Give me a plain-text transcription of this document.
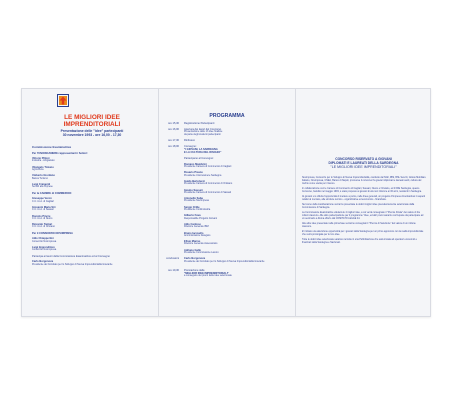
LE MIGLIORI IDEE
IMPRENDITORIALI
Presentazione delle "idee" partecipanti
30 novembre 1993 - ore 16,00 - 17,30
Commissione Esaminatrice
Per l'UNIONCAMERE rappresentanti i Settori:
Vittorio Pilloni
Industria - Artigianato
Vitangelo Tizzano
Agricoltura
Umberto Giordano
Banca Turismo
Luigi Craigenti
Servizi alle imprese
Per la CAMERE di COMMERCIO:
Giuseppe Veron
C.C.I.A.A. di Cagliari
Giovanni Maria Siri
C.C.I.A.A. di Sassari
Romolo Pinzru
C.C.I.A.A. di Nuoro
Riccardo Tantari
C.C.I.A.A. di Oristano
Per il CONSORZIO NOVIMPRESA
Aldo Chiappertini
Consorzio Novimpresa
Luigi Imprenditore
Consorzio Novimpresa
Partecipa ai lavori della Commissione Esaminatrice ed al Convegno
Carlo Borgonova
Presidente del Comitato per lo Sviluppo di Nuova Imprenditorialità Giovanile
PROGRAMMA
ore 15,30 Registrazione Partecipanti
ore 16,00 Apertura dei lavori del Concorso.
Presentazione delle 13 idee finaliste
da parte degli studenti partecipanti
ore 17,30 Rinfresco
ore 18,00 Convegno:
"I GIOVANI, LA SARDEGNA
E LA CULTURA DEL RISCHIO"
Partecipano al Convegno:
Romano Mambrini
Presidente Camera di Commercio di Cagliari
Rosario Pisano
Presidente Unioncamere Sardegna
Guido Bertolucci
Presidente Camera di Commercio di Oristano
Gavino Sassari
Presidente Camera di Commercio di Sassari
Antonello Saba
Presidente Novimpresa
Sergio Ortile
Presidente Confindustria
Gilberto Fava
Responsabile Progetto Giovani
Aldo Cardoso
Direttore Generale IBM
Bruno Iacovello
Amministratore Delegato
Efisio Marras
Direttore Generale Assessorato
Adriano Gallo
Presidente Commissione Lavoro
conclusioni Carlo Borgonova
Presidente del Comitato per lo Sviluppo di Nuova Imprenditorialità Giovanile
ore 19,30 Premiazione delle
"MIGLIORI IDEE IMPRENDITORIALI"
a conseguire dei premi delle idee selezionate
CONCORSO RISERVATO A GIOVANI
DIPLOMATI E LAUREATI DELLA SARDEGNA
"LE MIGLIORI IDEE IMPRENDITORIALI"

Novimpresa, Consorzio per lo Sviluppo di Nuova Imprenditorialità, costituito da INAF, IBM, BNL Servizi, Istituto Mobiliare Italiano, Novimpresa, CNEA, Banco di Napoli, promuove il concorso fra giovani diplomati e laureati sardi, cultura del rischio come scelta per il lavoro.

In collaborazione con le Camere di Commercio di Cagliari, Sassari, Nuoro e Oristano, ed il IRIE Sardegna, questo Concorso, bandito nel maggio 1993, è stato proposto ai giovani di età non inferiore ai 30 anni, residenti in Sardegna.

Al giovani si è offerta l'opportunità di mettere a punto, nelle linee generali, un progetto d'impresa cimentandosi in aspetti relativi al mercato, alle strutture tecnico - organizzative ed economico - finanziarie.

Nel corso della manifestazione verranno presentate le dodici migliori idee precedentemente selezionate dalla Commissione di Sardegna.

La Commissione Esaminatrice valuterà le 4 migliori idee, a cui verrà consegnato il "Premio Finale" dei valore di lire milioni ciascuno. Alle altre partecipazione per il programme "Idee, ed altri premi saranno corrisposte da partecipare ad un seminario a Roma offerto dal COMITATO LEGGE 44.

Alle altre idee presentate nella prima fase verranno consegnati il "Premio di Selezione" del valore di un milione ciascuno.

E' iniziato una attenzione opportunità per i giovani della Sardegna per un primo approccio con la realtà imprenditoriale che verrà prolungata per le loro idee.

Tutte le dodici idee selezionate saranno raccolte in una Pubblicazione che sarà inviata ad operatori economici e finanziari della Sardegna e Nazionali.
